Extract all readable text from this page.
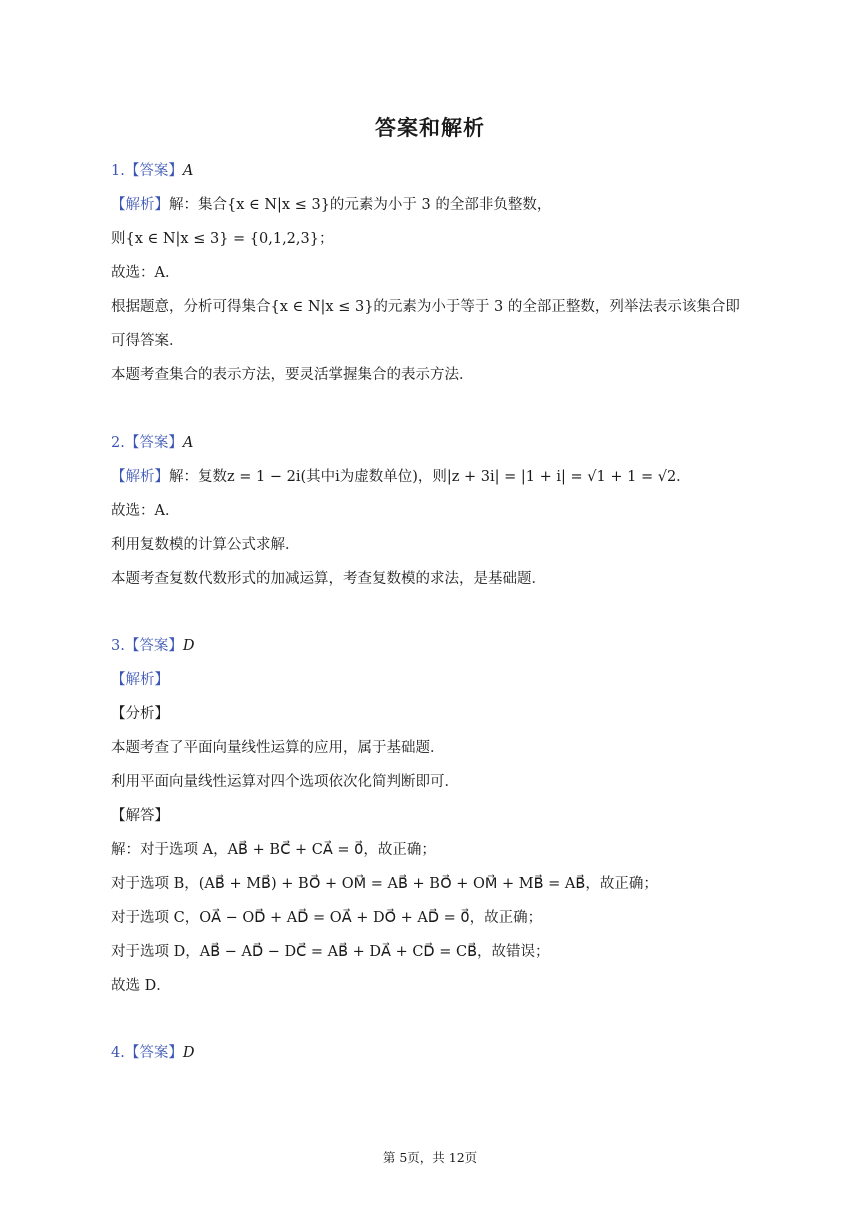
答案和解析
1.【答案】A
【解析】解：集合{x ∈ N|x ≤ 3}的元素为小于 3 的全部非负整数，
则{x ∈ N|x ≤ 3} = {0,1,2,3}；
故选：A．
根据题意，分析可得集合{x ∈ N|x ≤ 3}的元素为小于等于 3 的全部正整数，列举法表示该集合即
可得答案．
本题考查集合的表示方法，要灵活掌握集合的表示方法．
2.【答案】A
【解析】解：复数z = 1 − 2i(其中i为虚数单位)，则|z + 3i| = |1 + i| = √1 + 1 = √2．
故选：A．
利用复数模的计算公式求解．
本题考查复数代数形式的加减运算，考查复数模的求法，是基础题．
3.【答案】D
【解析】
【分析】
本题考查了平面向量线性运算的应用，属于基础题．
利用平面向量线性运算对四个选项依次化简判断即可．
【解答】
解：对于选项 A，AB⃗ + BC⃗ + CA⃗ = 0⃗，故正确；
对于选项 B，(AB⃗ + MB⃗) + BO⃗ + OM⃗ = AB⃗ + BO⃗ + OM⃗ + MB⃗ = AB⃗，故正确；
对于选项 C，OA⃗ − OD⃗ + AD⃗ = OA⃗ + DO⃗ + AD⃗ = 0⃗，故正确；
对于选项 D，AB⃗ − AD⃗ − DC⃗ = AB⃗ + DA⃗ + CD⃗ = CB⃗，故错误；
故选 D．
4.【答案】D
第 5页，共 12页
